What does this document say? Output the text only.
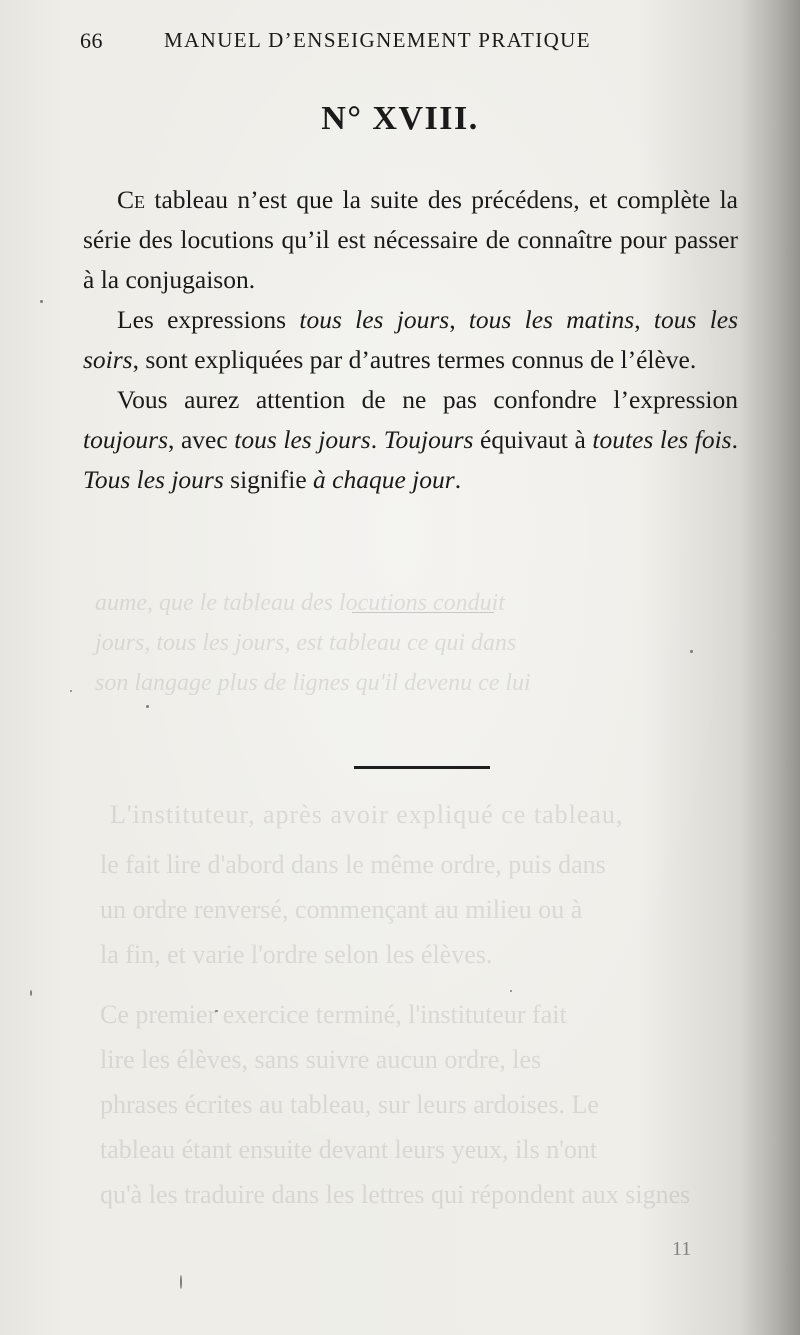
aume, que le tableau des locutions conduit
jours, tous les jours, est tableau ce qui dans
son langage plus de lignes qu'il devenu ce lui
L'instituteur, après avoir expliqué ce tableau,
le fait lire d'abord dans le même ordre, puis dans
un ordre renversé, commençant au milieu ou à
la fin, et varie l'ordre selon les élèves.
Ce premier exercice terminé, l'instituteur fait
lire les élèves, sans suivre aucun ordre, les
phrases écrites au tableau, sur leurs ardoises. Le
tableau étant ensuite devant leurs yeux, ils n'ont
qu'à les traduire dans les lettres qui répondent aux signes
66	MANUEL D’ENSEIGNEMENT PRATIQUE
N° XVIII.

Ce tableau n’est que la suite des précédens, et complète la série des locutions qu’il est nécessaire de connaître pour passer à la conjugaison.

Les expressions tous les jours, tous les matins, tous les soirs, sont expliquées par d’autres termes connus de l’élève.

Vous aurez attention de ne pas confondre l’expression toujours, avec tous les jours. Toujours équivaut à toutes les fois. Tous les jours signifie à chaque jour.

11
